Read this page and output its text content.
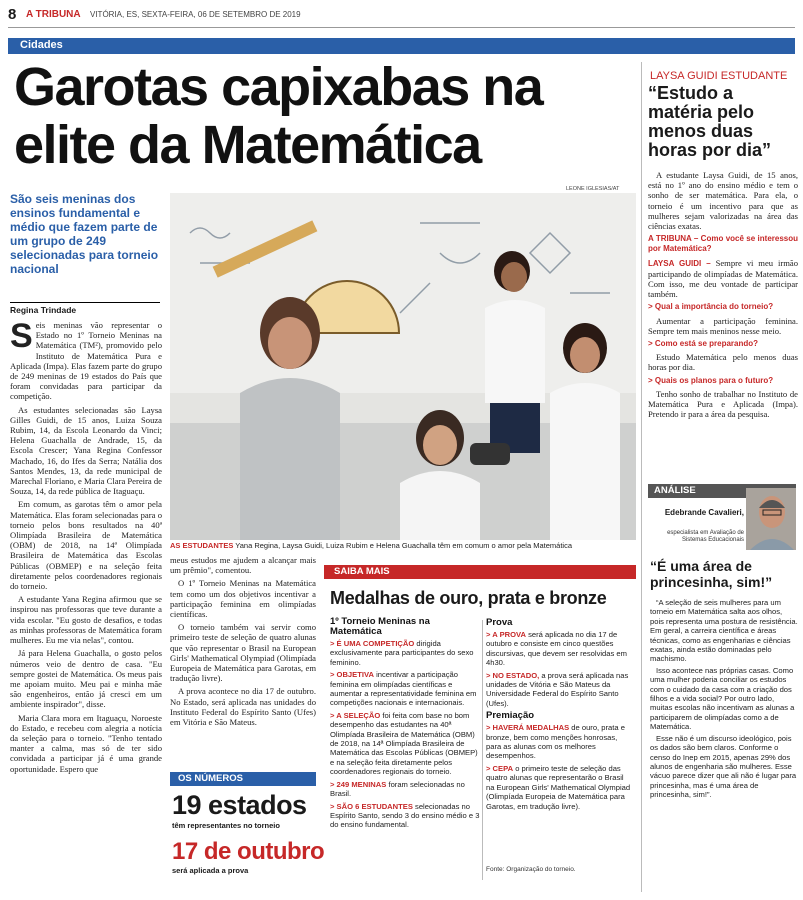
8 A TRIBUNA VITÓRIA, ES, SEXTA-FEIRA, 06 DE SETEMBRO DE 2019
Cidades
Garotas capixabas na
elite da Matemática
São seis meninas dos ensinos fundamental e médio que fazem parte de um grupo de 249 selecionadas para torneio nacional
Regina Trindade

Seis meninas vão representar o Estado no 1º Torneio Meninas na Matemática (TM²), promovido pelo Instituto de Matemática Pura e Aplicada (Impa). Elas fazem parte do grupo de 249 meninas de 19 estados do País que foram convidadas para participar da competição.

As estudantes selecionadas são Laysa Gilles Guidi, de 15 anos, Luiza Souza Rubim, 14, da Escola Leonardo da Vinci; Helena Guachalla de Andrade, 15, da Escola Crescer; Yana Regina Confessor Machado, 16, do Ifes da Serra; Natália dos Santos Mendes, 13, da rede municipal de Marechal Floriano, e Maria Clara Pereira de Souza, 14, da rede pública de Itaguaçu.

Em comum, as garotas têm o amor pela Matemática. Elas foram selecionadas para o torneio pelos bons resultados na 40ª Olimpíada Brasileira de Matemática (OBM) de 2018, na 14ª Olimpíada Brasileira de Matemática das Escolas Públicas (OBMEP) e na seleção feita diretamente pelos coordenadores regionais do torneio.

A estudante Yana Regina afirmou que se inspirou nas professoras que teve durante a vida escolar. "Eu gosto de desafios, e todas as minhas professoras de Matemática foram mulheres. Eu me via nelas", contou.

Já para Helena Guachalla, o gosto pelos números veio de dentro de casa. "Eu sempre gostei de Matemática. Os meus pais me apoiam muito. Meu pai e minha mãe são engenheiros, então já cresci em um ambiente inspirador", disse.

Maria Clara mora em Itaguaçu, Noroeste do Estado, e recebeu com alegria a notícia da seleção para o torneio. "Tenho tentado manter a calma, mas só de ter sido convidada a participar já é uma grande oportunidade. Espero que

LEONE IGLESIAS/AT
AS ESTUDANTES Yana Regina, Laysa Guidi, Luiza Rubim e Helena Guachalla têm em comum o amor pela Matemática

meus estudos me ajudem a alcançar mais um prêmio", comentou.

O 1º Torneio Meninas na Matemática tem como um dos objetivos incentivar a participação feminina em olimpíadas científicas.

O torneio também vai servir como primeiro teste de seleção de quatro alunas que vão representar o Brasil na European Girls' Mathematical Olympiad (Olimpíada Europeia de Matemática para Garotas, em tradução livre).

A prova acontece no dia 17 de outubro. No Estado, será aplicada nas unidades do Instituto Federal do Espírito Santo (Ufes) em Vitória e São Mateus.

OS NÚMEROS
19 estados
têm representantes no torneio
17 de outubro
será aplicada a prova
SAIBA MAIS
Medalhas de ouro, prata e bronze
1º Torneio Meninas na Matemática

> É UMA COMPETIÇÃO dirigida exclusivamente para participantes do sexo feminino.

> OBJETIVA incentivar a participação feminina em olimpíadas científicas e aumentar a representatividade feminina em competições nacionais e internacionais.

> A SELEÇÃO foi feita com base no bom desempenho das estudantes na 40ª Olimpíada Brasileira de Matemática (OBM) de 2018, na 14ª Olimpíada Brasileira de Matemática das Escolas Públicas (OBMEP) e na seleção feita diretamente pelos coordenadores regionais do torneio.

> 249 MENINAS foram selecionadas no Brasil.

> SÃO 6 ESTUDANTES selecionadas no Espírito Santo, sendo 3 do ensino médio e 3 do ensino fundamental.

Prova

> A PROVA será aplicada no dia 17 de outubro e consiste em cinco questões discursivas, que devem ser resolvidas em 4h30.

> NO ESTADO, a prova será aplicada nas unidades de Vitória e São Mateus da Universidade Federal do Espírito Santo (Ufes).

Premiação

> HAVERÁ MEDALHAS de ouro, prata e bronze, bem como menções honrosas, para as alunas com os melhores desempenhos.

> CEPA o primeiro teste de seleção das quatro alunas que representarão o Brasil na European Girls' Mathematical Olympiad (Olimpíada Europeia de Matemática para Garotas, em tradução livre).

Fonte: Organização do torneio.
LAYSA GUIDI ESTUDANTE
“Estudo a matéria pelo menos duas horas por dia”

A estudante Laysa Guidi, de 15 anos, está no 1º ano do ensino médio e tem o sonho de ser matemática. Para ela, o torneio é um incentivo para que as mulheres sejam valorizadas na área das ciências exatas.

A TRIBUNA – Como você se interessou por Matemática?

LAYSA GUIDI – Sempre vi meu irmão participando de olimpíadas de Matemática. Com isso, me deu vontade de participar também.

> Qual a importância do torneio?

Aumentar a participação feminina. Sempre tem mais meninos nesse meio.

> Como está se preparando?

Estudo Matemática pelo menos duas horas por dia.

> Quais os planos para o futuro?

Tenho sonho de trabalhar no Instituto de Matemática Pura e Aplicada (Impa). Pretendo ir para a área da pesquisa.

ANÁLISE
Edebrande Cavalieri,
especialista em Avaliação de Sistemas Educacionais
“É uma área de princesinha, sim!”

“A seleção de seis mulheres para um torneio em Matemática salta aos olhos, pois representa uma postura de resistência. Em geral, a carreira científica e áreas técnicas, como as engenharias e ciências exatas, ainda estão dominadas pelo machismo.

Isso acontece nas próprias casas. Como uma mulher poderia conciliar os estudos com o cuidado da casa com a criação dos filhos e a vida social? Por outro lado, muitas escolas não incentivam as alunas a participarem de olimpíadas como a de Matemática.

Esse não é um discurso ideológico, pois os dados são bem claros. Conforme o censo do Inep em 2015, apenas 29% dos alunos de engenharia são mulheres. Esse vácuo parece dizer que ali não é lugar para princesinha, mas é uma área de princesinha, sim!”.
